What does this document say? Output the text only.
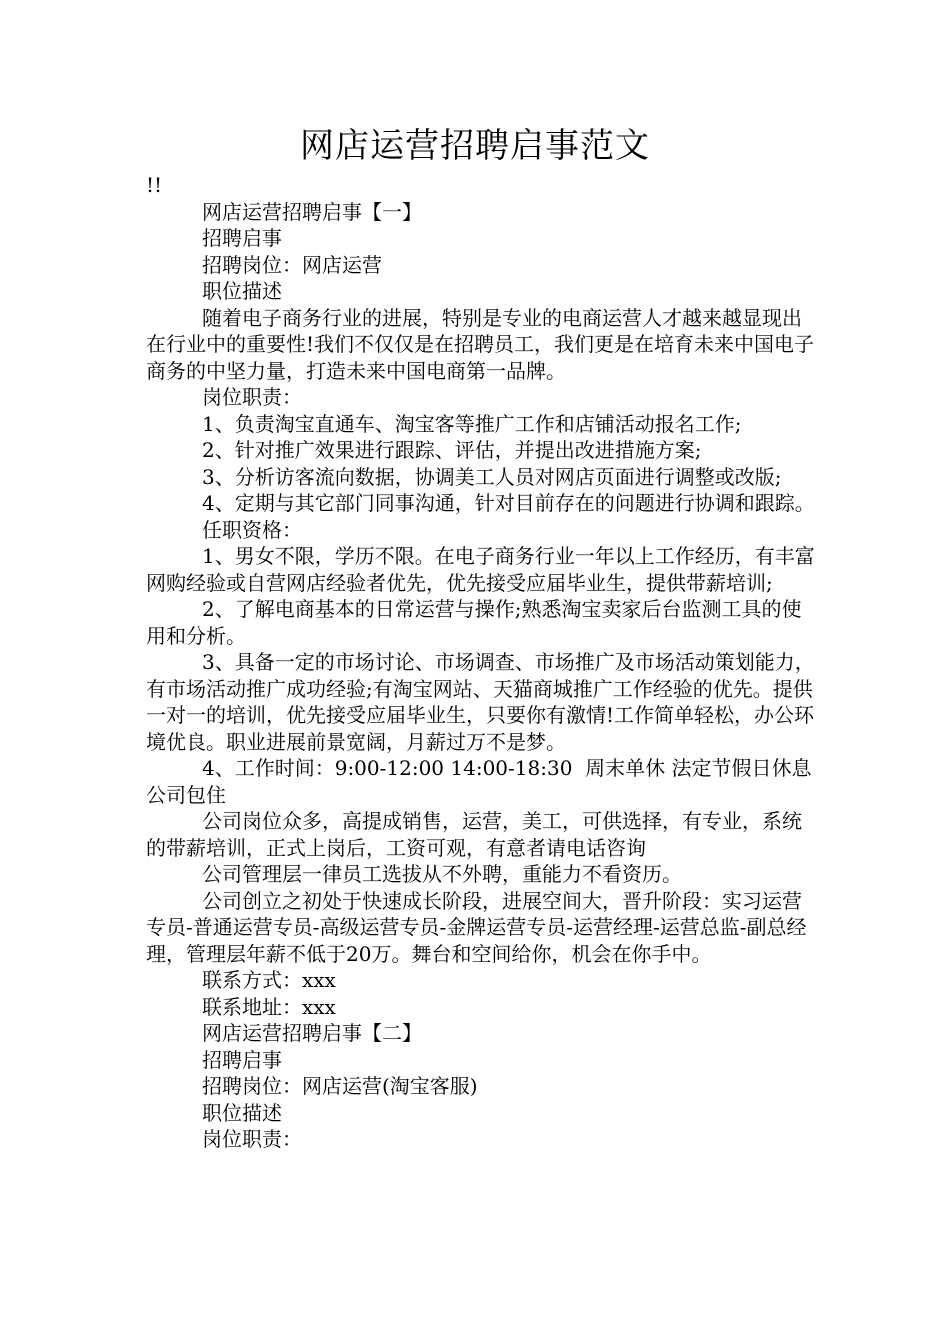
网店运营招聘启事范文

!!

网店运营招聘启事【一】

招聘启事

招聘岗位：网店运营

职位描述

随着电子商务行业的进展，特别是专业的电商运营人才越来越显现出在行业中的重要性!我们不仅仅是在招聘员工，我们更是在培育未来中国电子商务的中坚力量，打造未来中国电商第一品牌。

岗位职责：

1、负责淘宝直通车、淘宝客等推广工作和店铺活动报名工作;

2、针对推广效果进行跟踪、评估，并提出改进措施方案;

3、分析访客流向数据，协调美工人员对网店页面进行调整或改版;

4、定期与其它部门同事沟通，针对目前存在的问题进行协调和跟踪。

任职资格：

1、男女不限，学历不限。在电子商务行业一年以上工作经历，有丰富网购经验或自营网店经验者优先，优先接受应届毕业生，提供带薪培训;

2、了解电商基本的日常运营与操作;熟悉淘宝卖家后台监测工具的使用和分析。

3、具备一定的市场讨论、市场调查、市场推广及市场活动策划能力，有市场活动推广成功经验;有淘宝网站、天猫商城推广工作经验的优先。提供一对一的培训，优先接受应届毕业生，只要你有激情!工作简单轻松，办公环境优良。职业进展前景宽阔，月薪过万不是梦。

4、工作时间：9:00-12:00 14:00-18:30  周末单休 法定节假日休息公司包住

公司岗位众多，高提成销售，运营，美工，可供选择，有专业，系统的带薪培训，正式上岗后，工资可观，有意者请电话咨询

公司管理层一律员工选拔从不外聘，重能力不看资历。

公司创立之初处于快速成长阶段，进展空间大，晋升阶段：实习运营专员-普通运营专员-高级运营专员-金牌运营专员-运营经理-运营总监-副总经理，管理层年薪不低于20万。舞台和空间给你，机会在你手中。

联系方式：xxx

联系地址：xxx

网店运营招聘启事【二】

招聘启事

招聘岗位：网店运营(淘宝客服)

职位描述

岗位职责：
